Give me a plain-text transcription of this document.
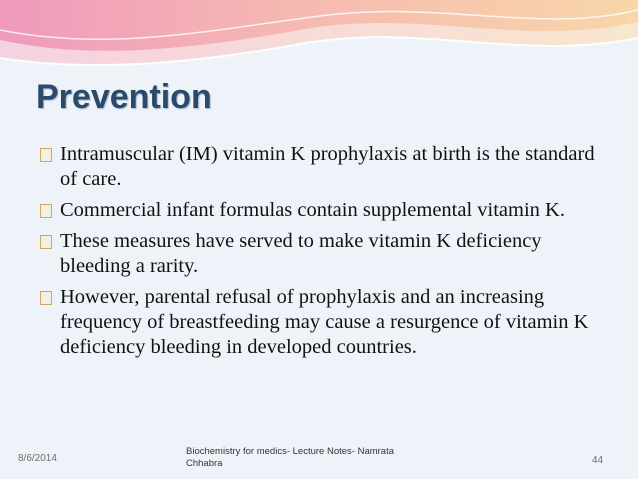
Prevention
Intramuscular (IM) vitamin K prophylaxis at birth is the standard of care.
Commercial infant formulas contain supplemental vitamin K.
These measures have served to make vitamin K deficiency bleeding a rarity.
However, parental refusal of prophylaxis and an increasing frequency of breastfeeding may cause a resurgence of vitamin K deficiency bleeding in developed countries.
8/6/2014
Biochemistry for medics- Lecture Notes- Namrata Chhabra	44
